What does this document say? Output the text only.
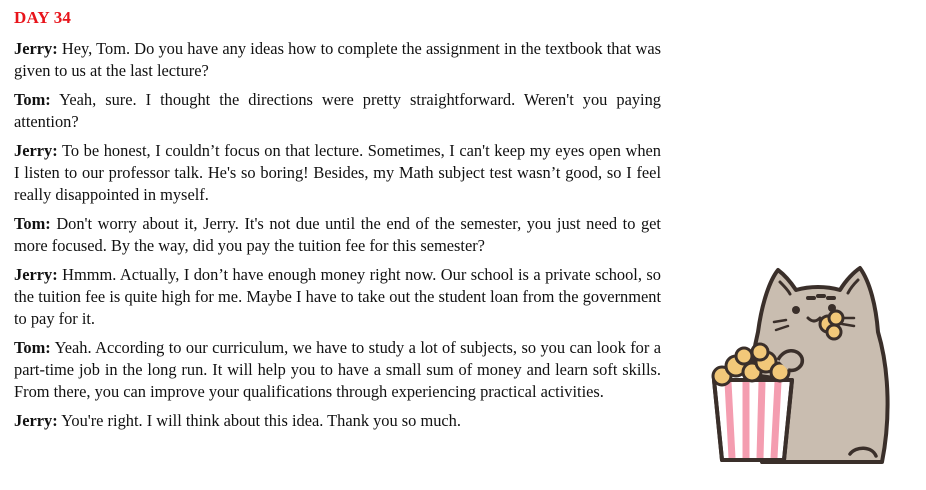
DAY 34

Jerry: Hey, Tom. Do you have any ideas how to complete the assignment in the textbook that was given to us at the last lecture?

Tom: Yeah, sure. I thought the directions were pretty straightforward. Weren't you paying attention?

Jerry: To be honest, I couldn’t focus on that lecture. Sometimes, I can't keep my eyes open when I listen to our professor talk. He's so boring! Besides, my Math subject test wasn’t good, so I feel really disappointed in myself.

Tom: Don't worry about it, Jerry. It's not due until the end of the semester, you just need to get more focused. By the way, did you pay the tuition fee for this semester?

Jerry: Hmmm. Actually, I don’t have enough money right now. Our school is a private school, so the tuition fee is quite high for me. Maybe I have to take out the student loan from the government to pay for it.

Tom: Yeah. According to our curriculum, we have to study a lot of subjects, so you can look for a part-time job in the long run. It will help you to have a small sum of money and learn soft skills. From there, you can improve your qualifications through experiencing practical activities.

Jerry: You're right. I will think about this idea. Thank you so much.
